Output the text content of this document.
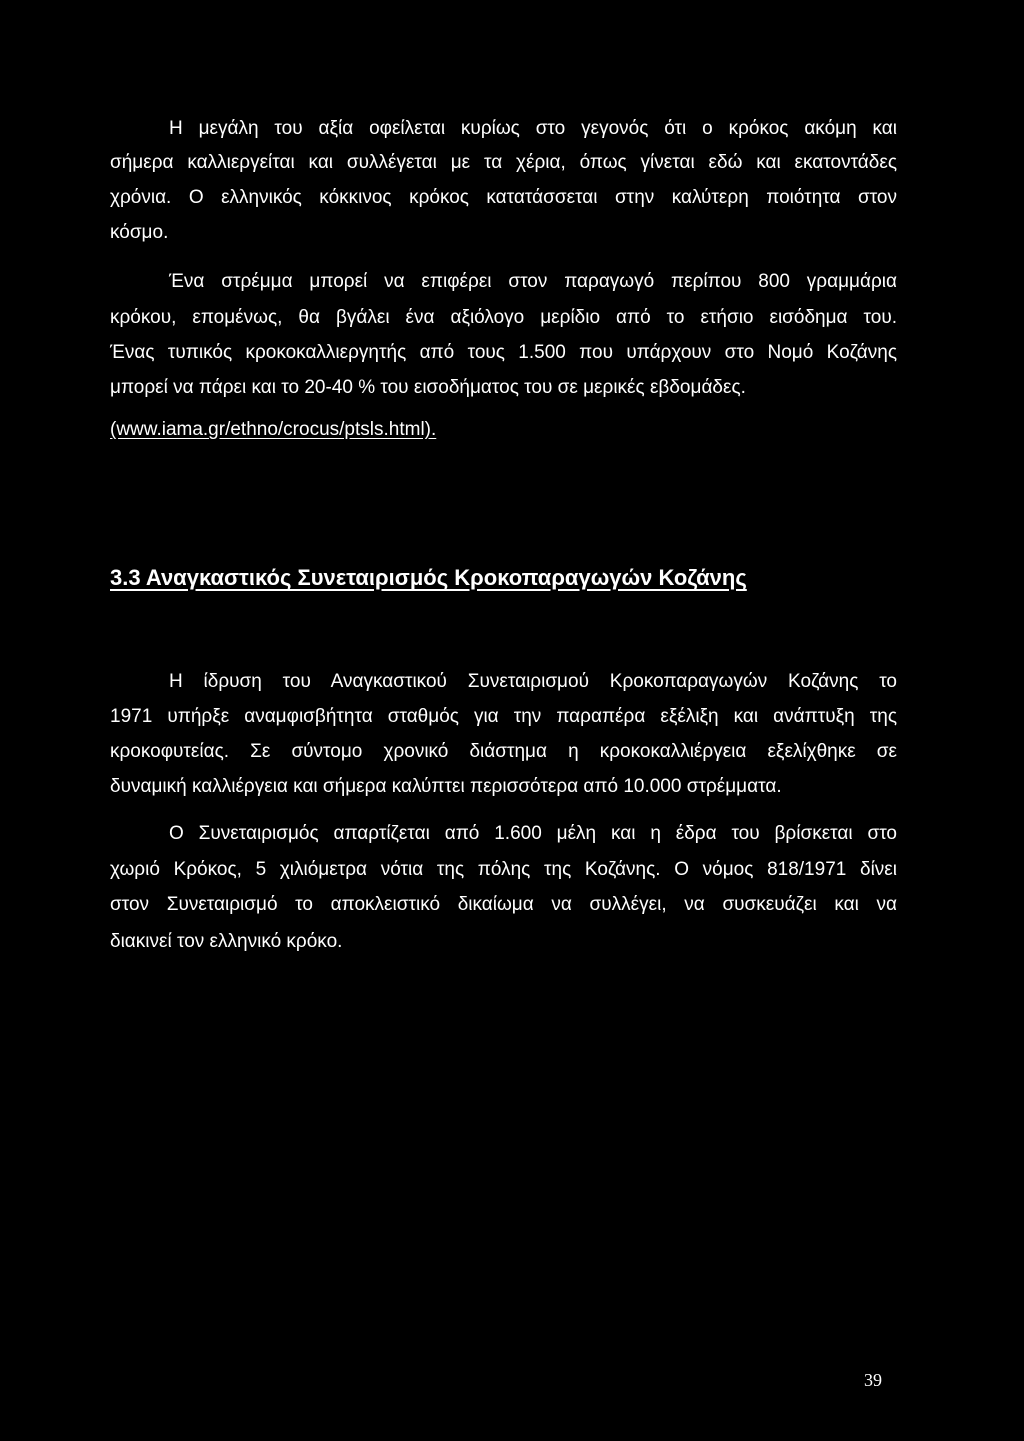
Η μεγάλη του αξία οφείλεται κυρίως στο γεγονός ότι ο κρόκος ακόμη και

σήμερα καλλιεργείται και συλλέγεται με τα χέρια, όπως γίνεται εδώ και εκατοντάδες

χρόνια. Ο ελληνικός κόκκινος κρόκος κατατάσσεται στην καλύτερη ποιότητα στον

κόσμο.

Ένα στρέμμα μπορεί να επιφέρει στον παραγωγό περίπου 800 γραμμάρια

κρόκου, επομένως, θα βγάλει ένα αξιόλογο μερίδιο από το ετήσιο εισόδημα του.

Ένας τυπικός κροκοκαλλιεργητής από τους 1.500 που υπάρχουν στο Νομό Κοζάνης

μπορεί να πάρει και το 20-40 % του εισοδήματος του σε μερικές εβδομάδες.

(www.iama.gr/ethno/crocus/ptsls.html).

3.3 Αναγκαστικός Συνεταιρισμός Κροκοπαραγωγών Κοζάνης

Η ίδρυση του Αναγκαστικού Συνεταιρισμού Κροκοπαραγωγών Κοζάνης το

1971 υπήρξε αναμφισβήτητα σταθμός για την παραπέρα εξέλιξη και ανάπτυξη της

κροκοφυτείας. Σε σύντομο χρονικό διάστημα η κροκοκαλλιέργεια εξελίχθηκε σε

δυναμική καλλιέργεια και σήμερα καλύπτει περισσότερα από 10.000 στρέμματα.

Ο Συνεταιρισμός απαρτίζεται από 1.600 μέλη και η έδρα του βρίσκεται στο

χωριό Κρόκος, 5 χιλιόμετρα νότια της πόλης της Κοζάνης. Ο νόμος 818/1971 δίνει

στον Συνεταιρισμό το αποκλειστικό δικαίωμα να συλλέγει, να συσκευάζει και να

διακινεί τον ελληνικό κρόκο.

39
